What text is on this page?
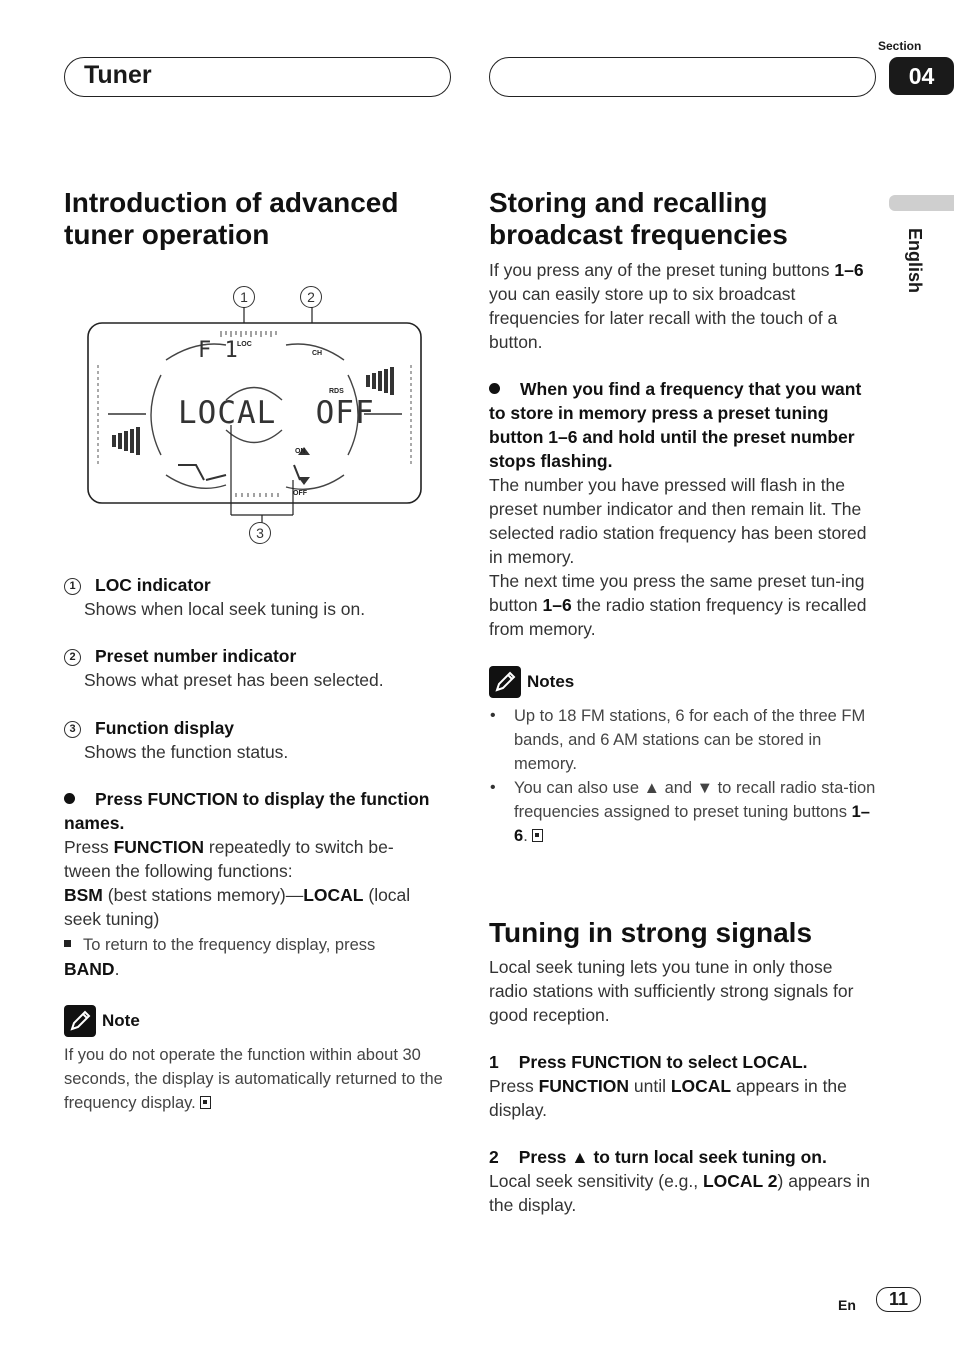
Tuner
Section
04
English
Introduction of advanced tuner operation
1	2
F 1 LOC
CH
RDS
LOCAL  OFF
ON
OFF
3
1 LOC indicator
Shows when local seek tuning is on.
2 Preset number indicator
Shows what preset has been selected.
3 Function display
Shows the function status.
Press FUNCTION to display the function names.
Press FUNCTION repeatedly to switch be-
tween the following functions:
BSM (best stations memory)—LOCAL (local
seek tuning)
To return to the frequency display, press
BAND.
Note
If you do not operate the function within about 30 seconds, the display is automatically returned to the frequency display.
Storing and recalling broadcast frequencies
If you press any of the preset tuning buttons 1–6 you can easily store up to six broadcast frequencies for later recall with the touch of a button.
When you find a frequency that you want to store in memory press a preset tuning button 1–6 and hold until the preset number stops flashing.
The number you have pressed will flash in the preset number indicator and then remain lit. The selected radio station frequency has been stored in memory.
The next time you press the same preset tun-ing button 1–6 the radio station frequency is recalled from memory.
Notes
• Up to 18 FM stations, 6 for each of the three FM bands, and 6 AM stations can be stored in memory.
• You can also use ▲ and ▼ to recall radio sta-tion frequencies assigned to preset tuning buttons 1–6.
Tuning in strong signals
Local seek tuning lets you tune in only those radio stations with sufficiently strong signals for good reception.
1 Press FUNCTION to select LOCAL.
Press FUNCTION until LOCAL appears in the display.
2 Press ▲ to turn local seek tuning on.
Local seek sensitivity (e.g., LOCAL 2) appears in the display.
En	11
